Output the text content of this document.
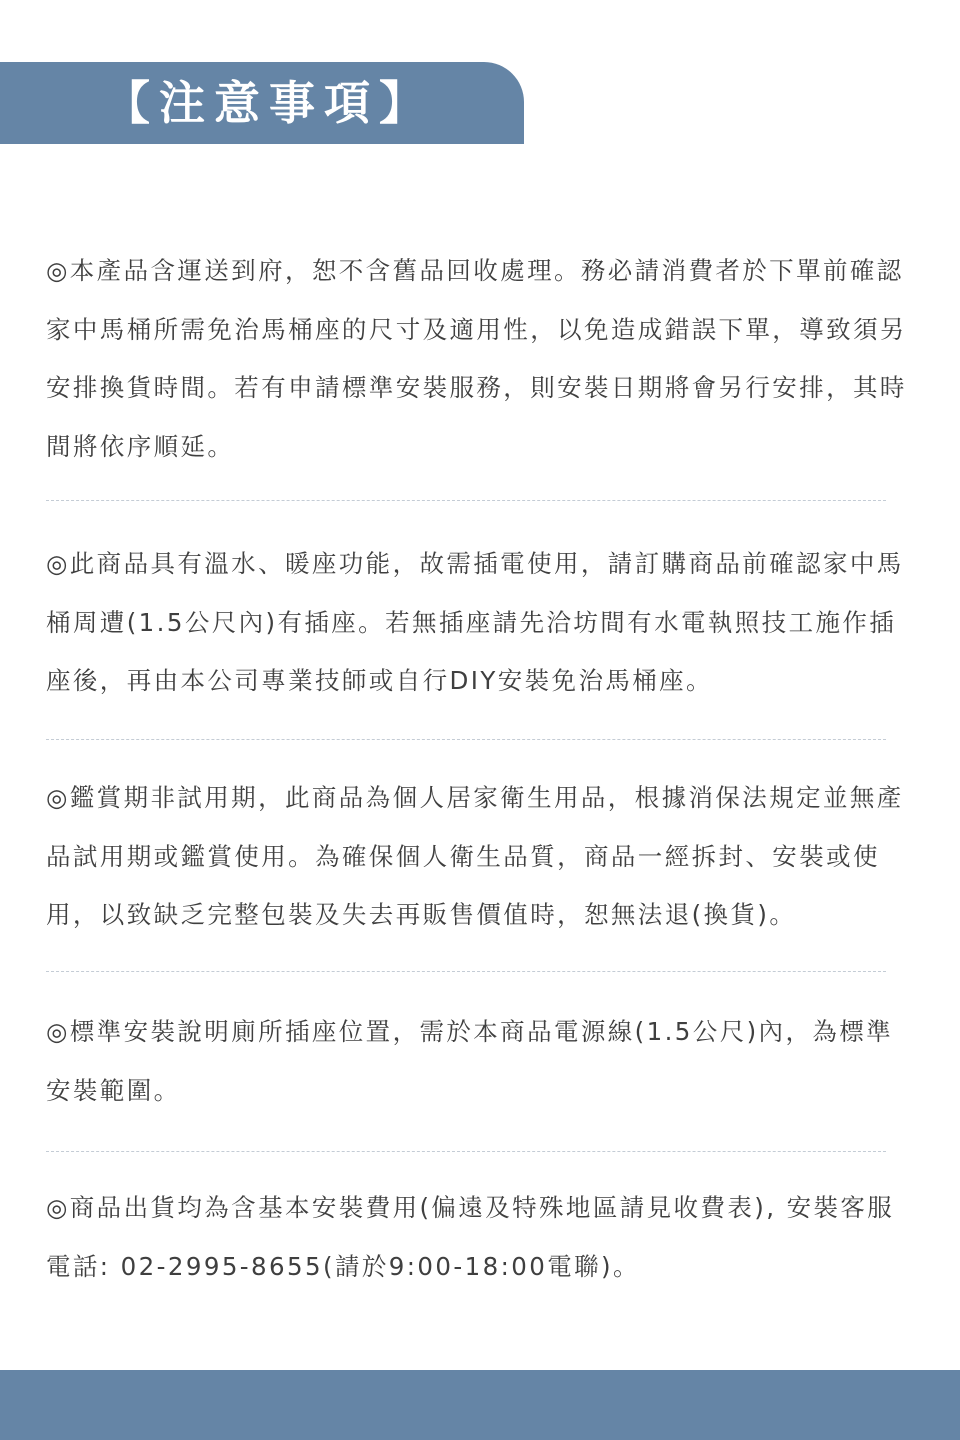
【注意事項】

◎本產品含運送到府，恕不含舊品回收處理。務必請消費者於下單前確認家中馬桶所需免治馬桶座的尺寸及適用性，以免造成錯誤下單，導致須另安排換貨時間。若有申請標準安裝服務，則安裝日期將會另行安排，其時間將依序順延。

◎此商品具有溫水、暖座功能，故需插電使用，請訂購商品前確認家中馬桶周遭(1.5公尺內)有插座。若無插座請先洽坊間有水電執照技工施作插座後，再由本公司專業技師或自行DIY安裝免治馬桶座。

◎鑑賞期非試用期，此商品為個人居家衛生用品，根據消保法規定並無產品試用期或鑑賞使用。為確保個人衛生品質，商品一經拆封、安裝或使用，以致缺乏完整包裝及失去再販售價值時，恕無法退(換貨)。

◎標準安裝說明廁所插座位置，需於本商品電源線(1.5公尺)內，為標準安裝範圍。

◎商品出貨均為含基本安裝費用(偏遠及特殊地區請見收費表), 安裝客服電話: 02-2995-8655(請於9:00-18:00電聯)。
